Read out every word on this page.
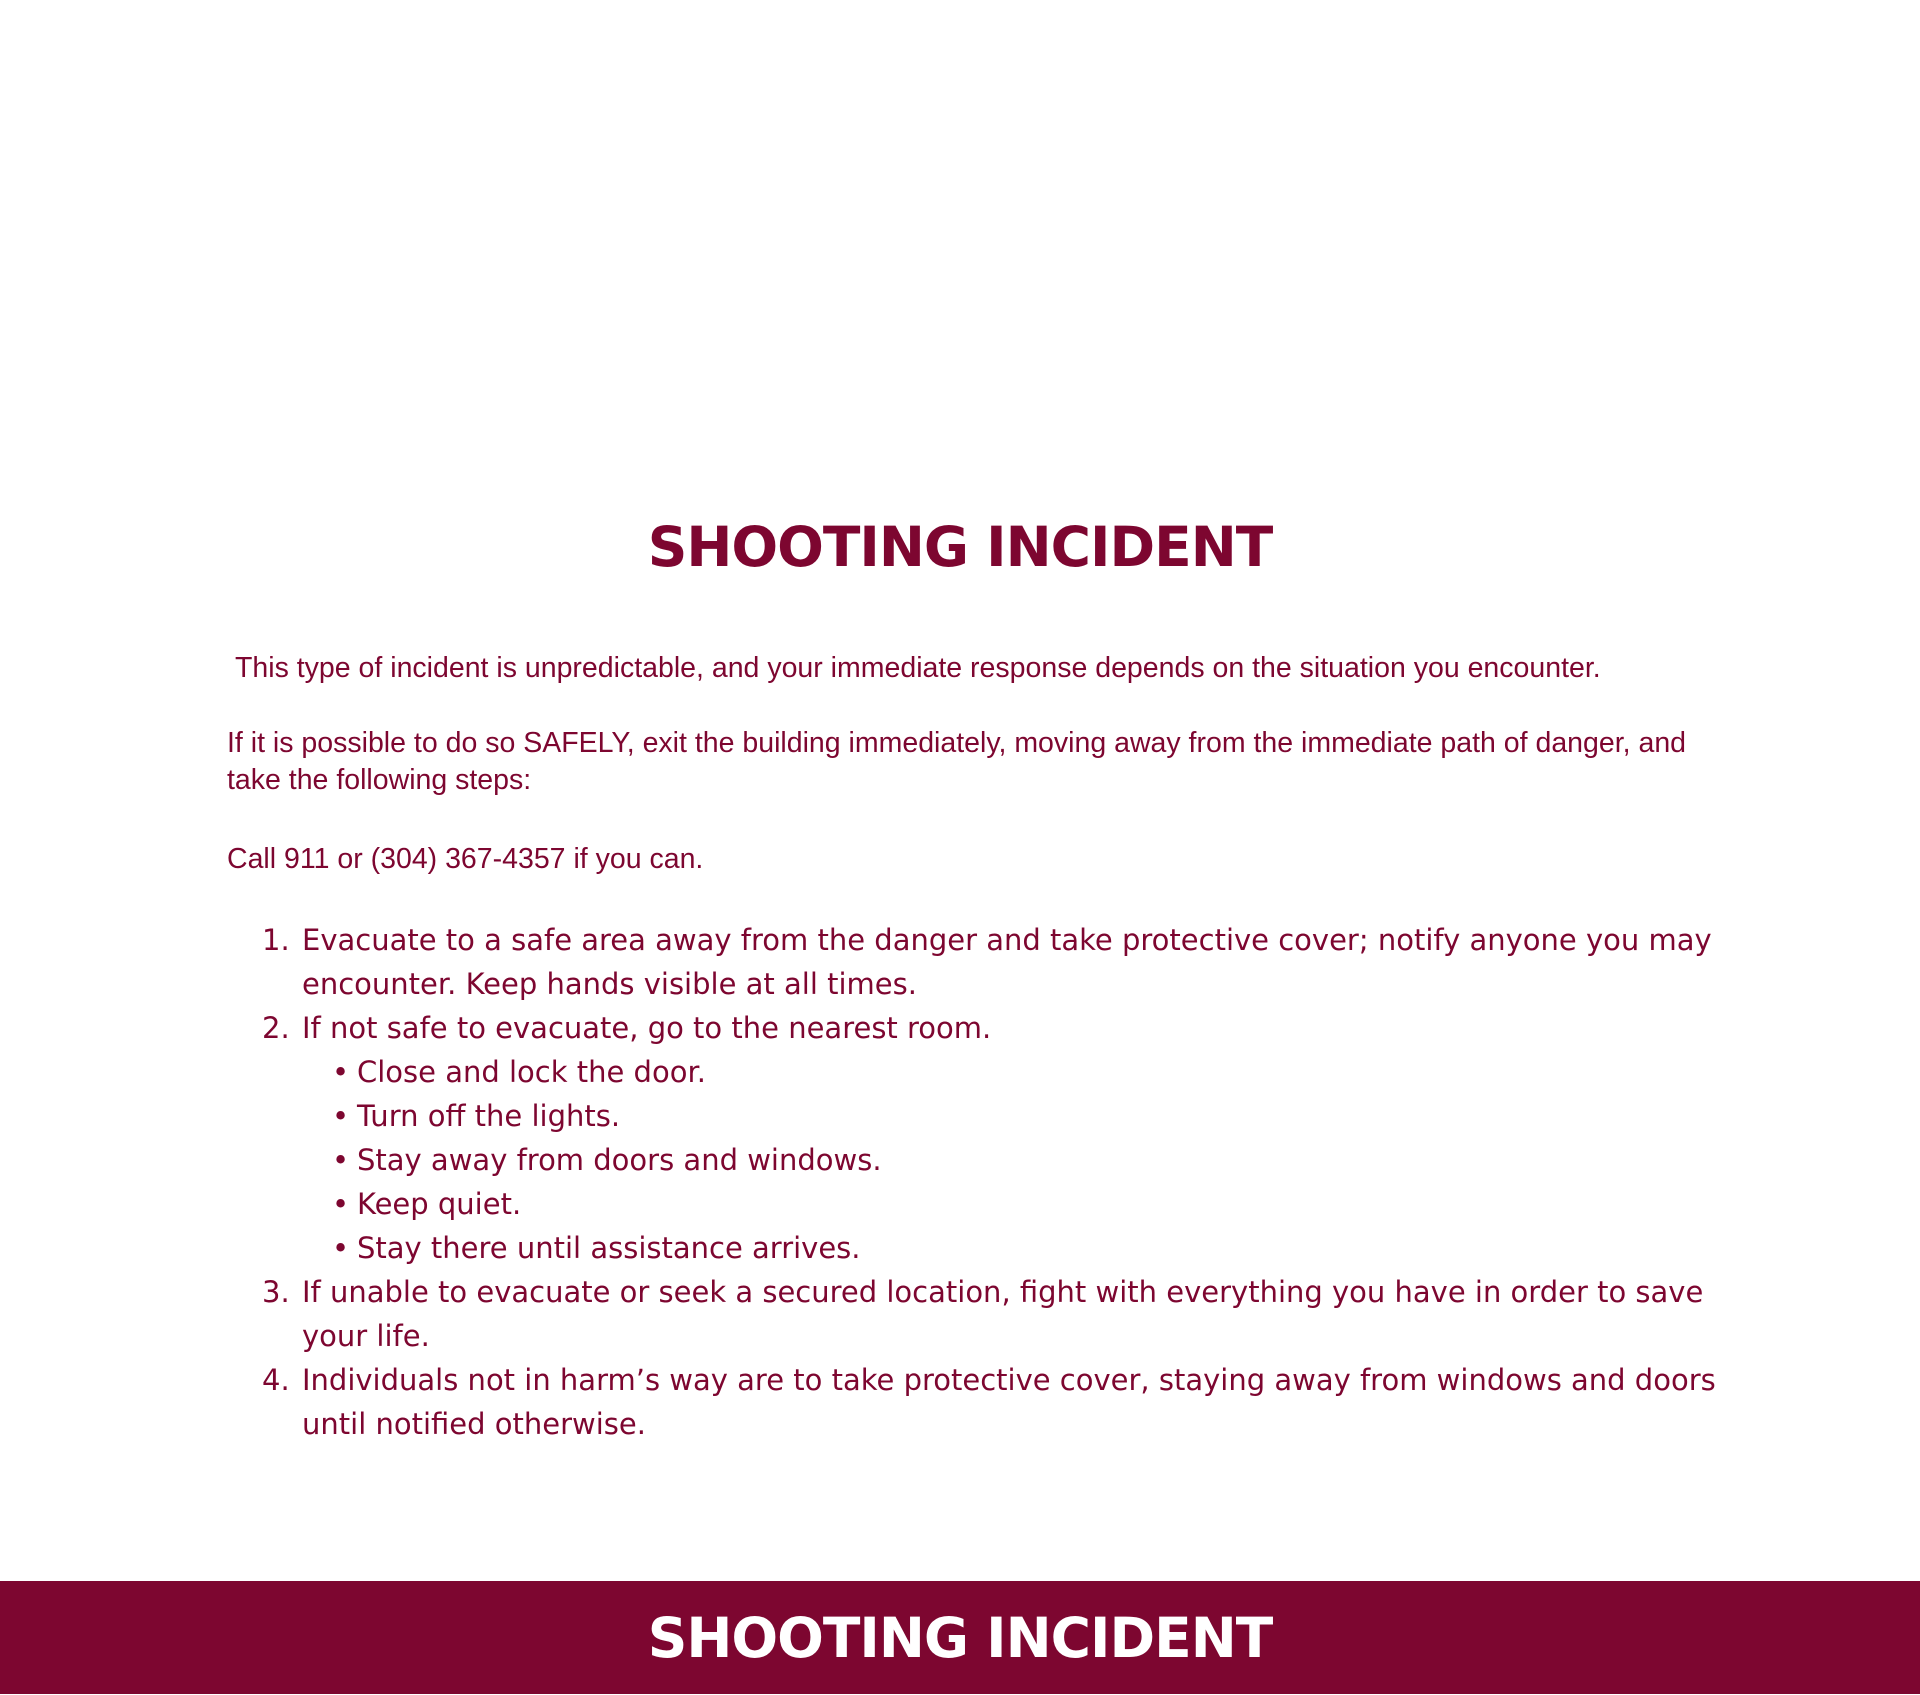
SHOOTING INCIDENT

This type of incident is unpredictable, and your immediate response depends on the situation you encounter.

If it is possible to do so SAFELY, exit the building immediately, moving away from the immediate path of danger, and take the following steps:

Call 911 or (304) 367-4357 if you can.

1. Evacuate to a safe area away from the danger and take protective cover; notify anyone you may encounter. Keep hands visible at all times.
2. If not safe to evacuate, go to the nearest room.
• Close and lock the door.
• Turn off the lights.
• Stay away from doors and windows.
• Keep quiet.
• Stay there until assistance arrives.
3. If unable to evacuate or seek a secured location, fight with everything you have in order to save your life.
4. Individuals not in harm’s way are to take protective cover, staying away from windows and doors until notified otherwise.
SHOOTING INCIDENT
